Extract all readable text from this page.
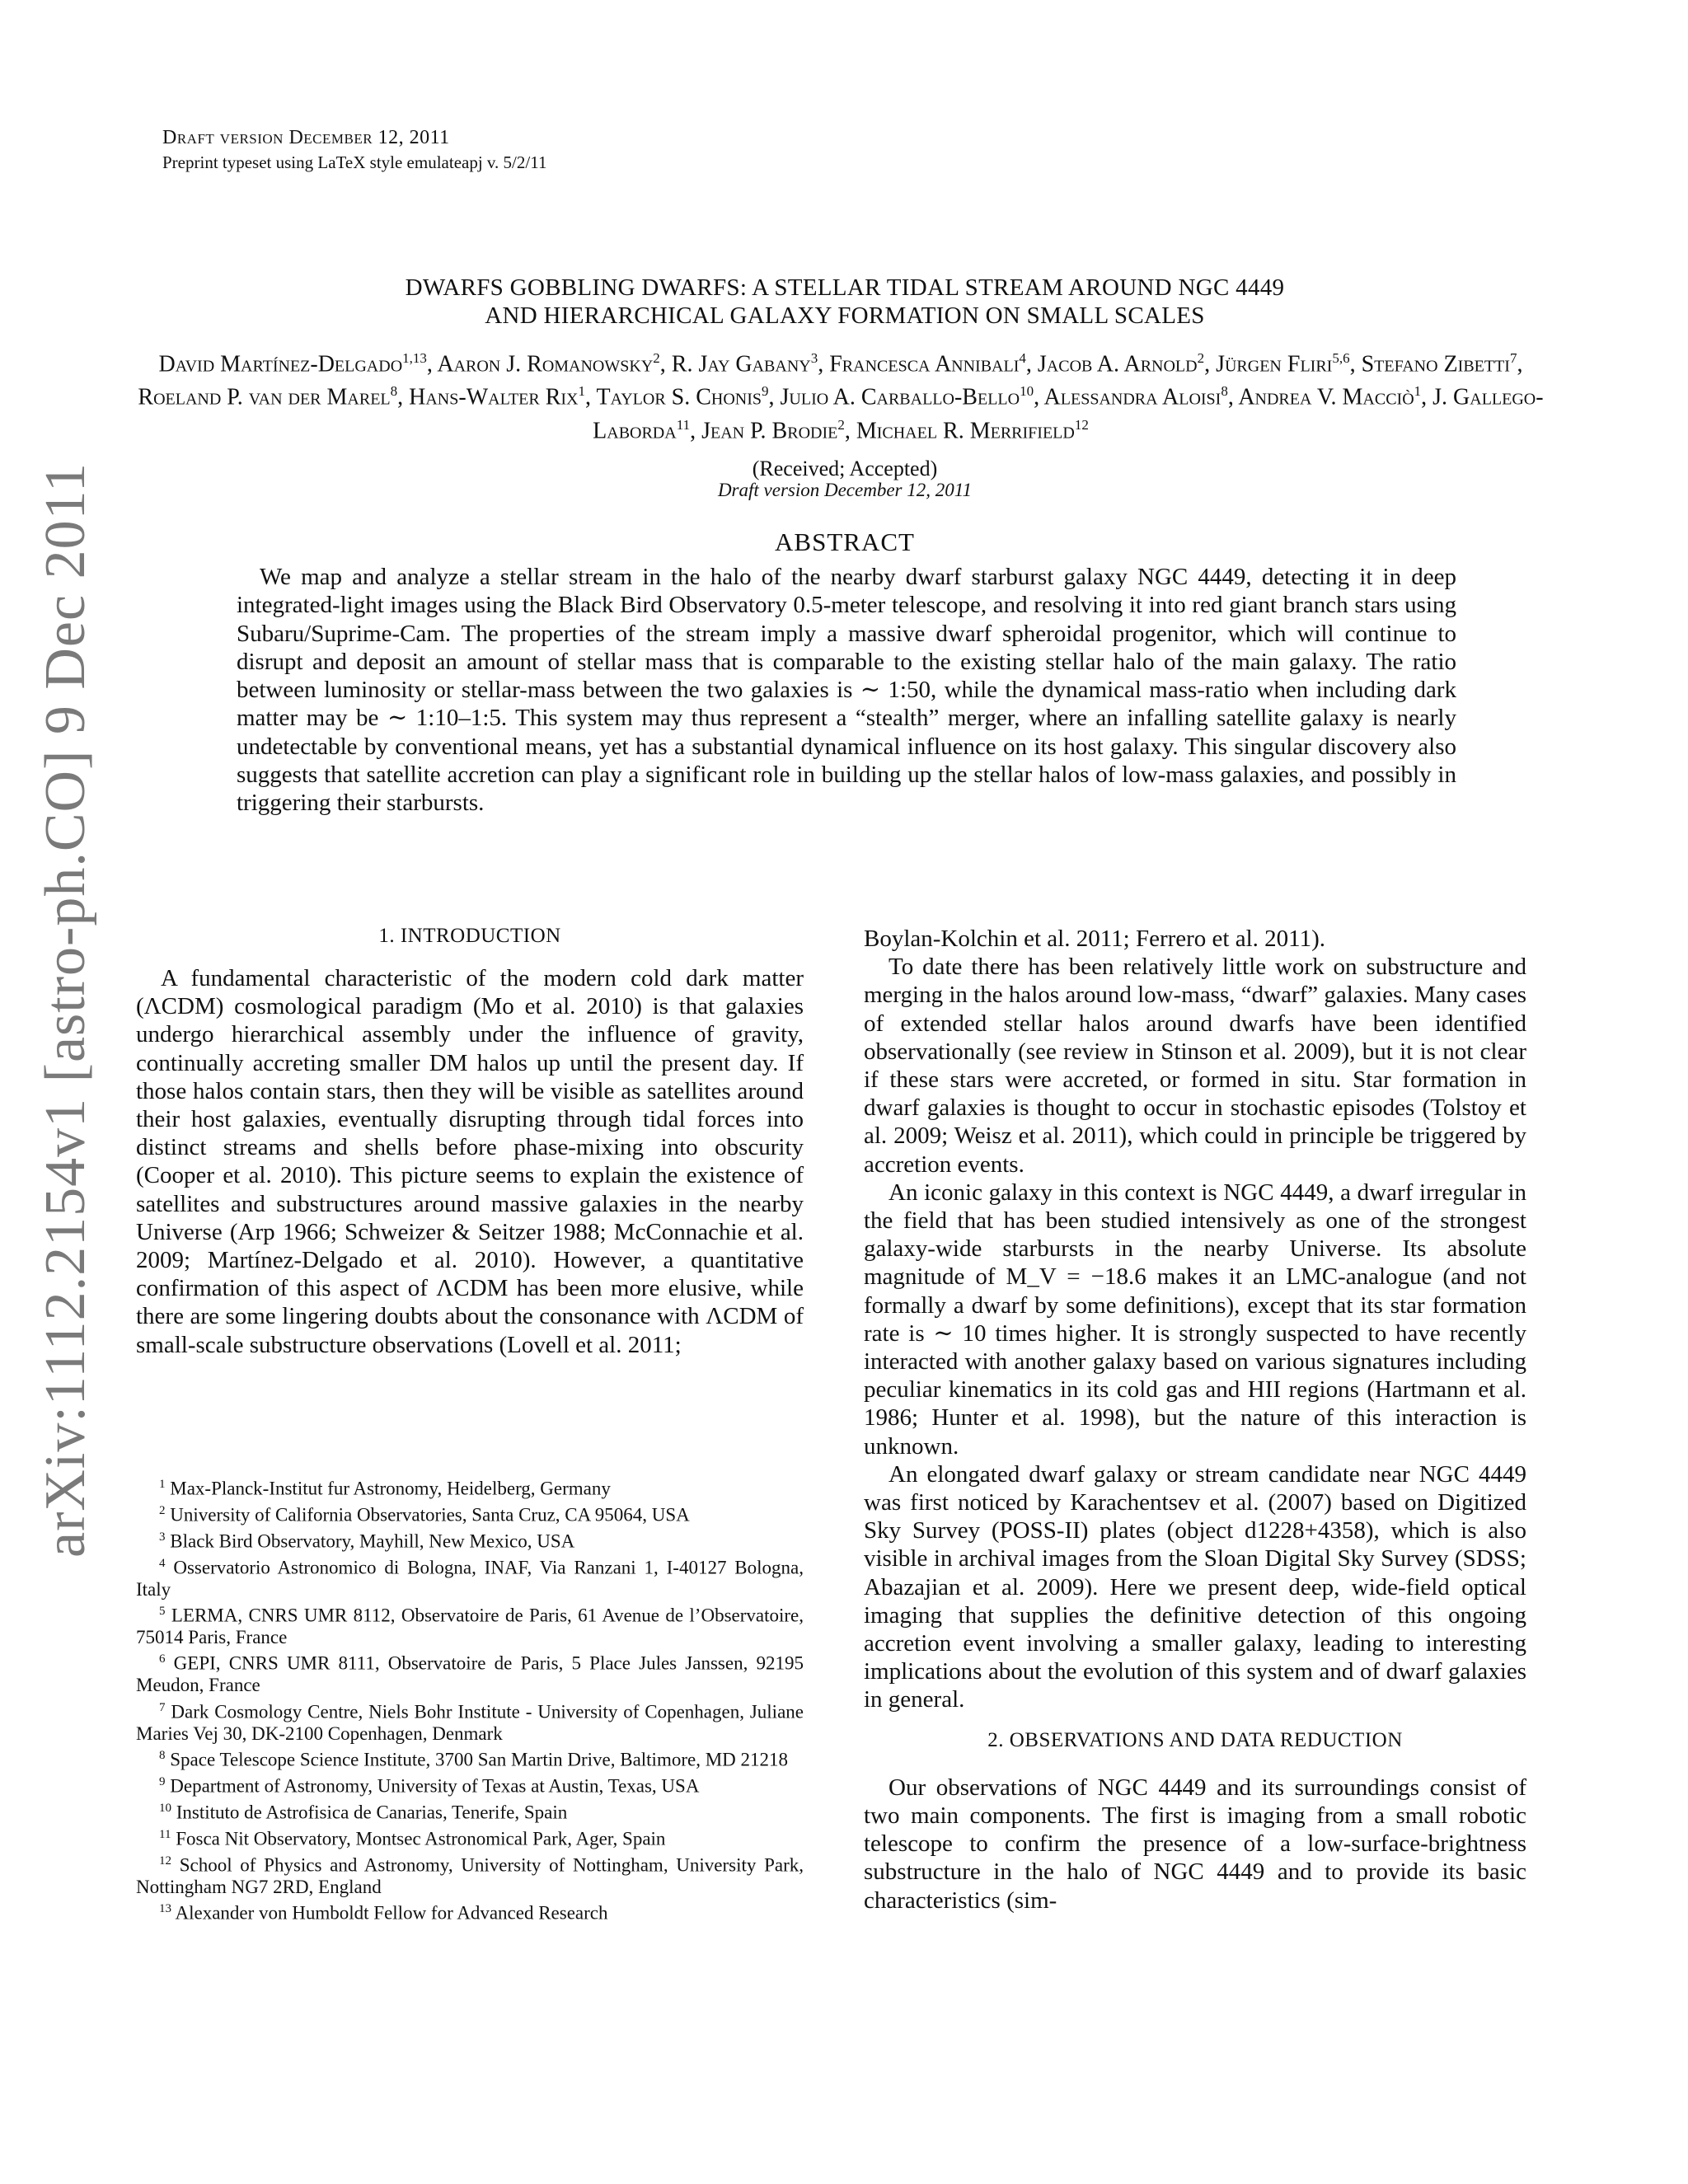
Draft version December 12, 2011
Preprint typeset using LaTeX style emulateapj v. 5/2/11
arXiv:1112.2154v1 [astro-ph.CO] 9 Dec 2011
DWARFS GOBBLING DWARFS: A STELLAR TIDAL STREAM AROUND NGC 4449
AND HIERARCHICAL GALAXY FORMATION ON SMALL SCALES
David Martínez-Delgado$^{1,13}$, Aaron J. Romanowsky$^2$, R. Jay Gabany$^3$, Francesca Annibali$^4$, Jacob A. Arnold$^2$, Jürgen Fliri$^{5,6}$, Stefano Zibetti$^7$, Roeland P. van der Marel$^8$, Hans-Walter Rix$^1$, Taylor S. Chonis$^9$, Julio A. Carballo-Bello$^{10}$, Alessandra Aloisi$^8$, Andrea V. Macciò$^1$, J. Gallego-Laborda$^{11}$, Jean P. Brodie$^2$, Michael R. Merrifield$^{12}$
(Received; Accepted)
Draft version December 12, 2011
ABSTRACT
We map and analyze a stellar stream in the halo of the nearby dwarf starburst galaxy NGC 4449, detecting it in deep integrated-light images using the Black Bird Observatory 0.5-meter telescope, and resolving it into red giant branch stars using Subaru/Suprime-Cam. The properties of the stream imply a massive dwarf spheroidal progenitor, which will continue to disrupt and deposit an amount of stellar mass that is comparable to the existing stellar halo of the main galaxy. The ratio between luminosity or stellar-mass between the two galaxies is ∼ 1:50, while the dynamical mass-ratio when including dark matter may be ∼ 1:10–1:5. This system may thus represent a “stealth” merger, where an infalling satellite galaxy is nearly undetectable by conventional means, yet has a substantial dynamical influence on its host galaxy. This singular discovery also suggests that satellite accretion can play a significant role in building up the stellar halos of low-mass galaxies, and possibly in triggering their starbursts.
1. INTRODUCTION

A fundamental characteristic of the modern cold dark matter (ΛCDM) cosmological paradigm (Mo et al. 2010) is that galaxies undergo hierarchical assembly under the influence of gravity, continually accreting smaller DM halos up until the present day. If those halos contain stars, then they will be visible as satellites around their host galaxies, eventually disrupting through tidal forces into distinct streams and shells before phase-mixing into obscurity (Cooper et al. 2010). This picture seems to explain the existence of satellites and substructures around massive galaxies in the nearby Universe (Arp 1966; Schweizer & Seitzer 1988; McConnachie et al. 2009; Martínez-Delgado et al. 2010). However, a quantitative confirmation of this aspect of ΛCDM has been more elusive, while there are some lingering doubts about the consonance with ΛCDM of small-scale substructure observations (Lovell et al. 2011;

$^1$ Max-Planck-Institut fur Astronomy, Heidelberg, Germany
$^2$ University of California Observatories, Santa Cruz, CA 95064, USA
$^3$ Black Bird Observatory, Mayhill, New Mexico, USA
$^4$ Osservatorio Astronomico di Bologna, INAF, Via Ranzani 1, I-40127 Bologna, Italy
$^5$ LERMA, CNRS UMR 8112, Observatoire de Paris, 61 Avenue de l’Observatoire, 75014 Paris, France
$^6$ GEPI, CNRS UMR 8111, Observatoire de Paris, 5 Place Jules Janssen, 92195 Meudon, France
$^7$ Dark Cosmology Centre, Niels Bohr Institute - University of Copenhagen, Juliane Maries Vej 30, DK-2100 Copenhagen, Denmark
$^8$ Space Telescope Science Institute, 3700 San Martin Drive, Baltimore, MD 21218
$^9$ Department of Astronomy, University of Texas at Austin, Texas, USA
$^{10}$ Instituto de Astrofisica de Canarias, Tenerife, Spain
$^{11}$ Fosca Nit Observatory, Montsec Astronomical Park, Ager, Spain
$^{12}$ School of Physics and Astronomy, University of Nottingham, University Park, Nottingham NG7 2RD, England
$^{13}$ Alexander von Humboldt Fellow for Advanced Research

Boylan-Kolchin et al. 2011; Ferrero et al. 2011).

To date there has been relatively little work on substructure and merging in the halos around low-mass, “dwarf” galaxies. Many cases of extended stellar halos around dwarfs have been identified observationally (see review in Stinson et al. 2009), but it is not clear if these stars were accreted, or formed in situ. Star formation in dwarf galaxies is thought to occur in stochastic episodes (Tolstoy et al. 2009; Weisz et al. 2011), which could in principle be triggered by accretion events.

An iconic galaxy in this context is NGC 4449, a dwarf irregular in the field that has been studied intensively as one of the strongest galaxy-wide starbursts in the nearby Universe. Its absolute magnitude of M_V = −18.6 makes it an LMC-analogue (and not formally a dwarf by some definitions), except that its star formation rate is ∼ 10 times higher. It is strongly suspected to have recently interacted with another galaxy based on various signatures including peculiar kinematics in its cold gas and HII regions (Hartmann et al. 1986; Hunter et al. 1998), but the nature of this interaction is unknown.

An elongated dwarf galaxy or stream candidate near NGC 4449 was first noticed by Karachentsev et al. (2007) based on Digitized Sky Survey (POSS-II) plates (object d1228+4358), which is also visible in archival images from the Sloan Digital Sky Survey (SDSS; Abazajian et al. 2009). Here we present deep, wide-field optical imaging that supplies the definitive detection of this ongoing accretion event involving a smaller galaxy, leading to interesting implications about the evolution of this system and of dwarf galaxies in general.

2. OBSERVATIONS AND DATA REDUCTION

Our observations of NGC 4449 and its surroundings consist of two main components. The first is imaging from a small robotic telescope to confirm the presence of a low-surface-brightness substructure in the halo of NGC 4449 and to provide its basic characteristics (sim-
